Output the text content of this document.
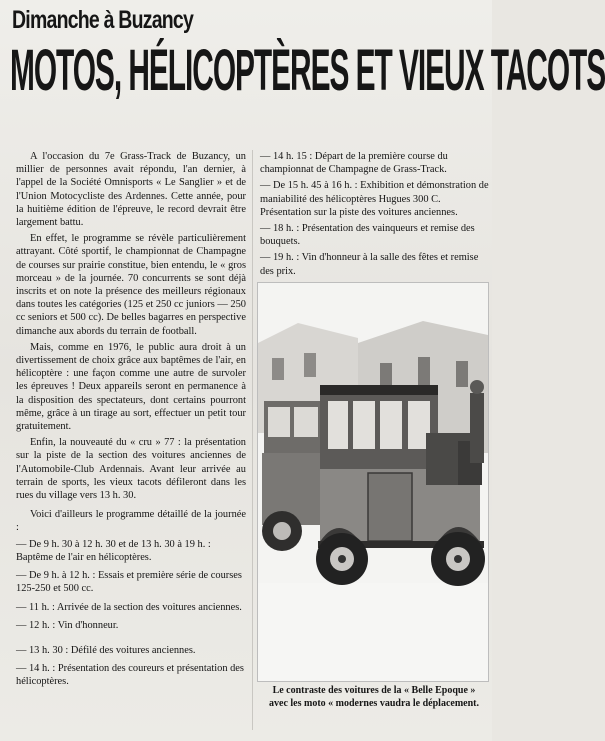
Dimanche à Buzancy
MOTOS, HÉLICOPTÈRES ET VIEUX TACOTS

A l'occasion du 7e Grass-Track de Buzancy, un millier de personnes avait répondu, l'an dernier, à l'appel de la Société Omnisports « Le Sanglier » et de l'Union Motocycliste des Ardennes. Cette année, pour la huitième édition de l'épreuve, le record devrait être largement battu.

En effet, le programme se révèle particulièrement attrayant. Côté sportif, le championnat de Champagne de courses sur prairie constitue, bien entendu, le « gros morceau » de la journée. 70 concurrents se sont déjà inscrits et on note la présence des meilleurs régionaux dans toutes les catégories (125 et 250 cc juniors — 250 cc seniors et 500 cc). De belles bagarres en perspective dimanche aux abords du terrain de football.

Mais, comme en 1976, le public aura droit à un divertissement de choix grâce aux baptêmes de l'air, en hélicoptère : une façon comme une autre de survoler les épreuves ! Deux appareils seront en permanence à la disposition des spectateurs, dont certains pourront même, grâce à un tirage au sort, effectuer un petit tour gratuitement.

Enfin, la nouveauté du « cru » 77 : la présentation sur la piste de la section des voitures anciennes de l'Automobile-Club Ardennais. Avant leur arrivée au terrain de sports, les vieux tacots défileront dans les rues du village vers 13 h. 30.

Voici d'ailleurs le programme détaillé de la journée :

— De 9 h. 30 à 12 h. 30 et de 13 h. 30 à 19 h. : Baptême de l'air en hélicoptères.
— De 9 h. à 12 h. : Essais et première série de courses 125-250 et 500 cc.
— 11 h. : Arrivée de la section des voitures anciennes.
— 12 h. : Vin d'honneur.
— 13 h. 30 : Défilé des voitures anciennes.
— 14 h. : Présentation des coureurs et présentation des hélicoptères.
— 14 h. 15 : Départ de la première course du championnat de Champagne de Grass-Track.
— De 15 h. 45 à 16 h. : Exhibition et démonstration de maniabilité des hélicoptères Hugues 300 C. Présentation sur la piste des voitures anciennes.
— 18 h. : Présentation des vainqueurs et remise des bouquets.
— 19 h. : Vin d'honneur à la salle des fêtes et remise des prix.
Le contraste des voitures de la « Belle Epoque » avec les moto « modernes vaudra le déplacement.
